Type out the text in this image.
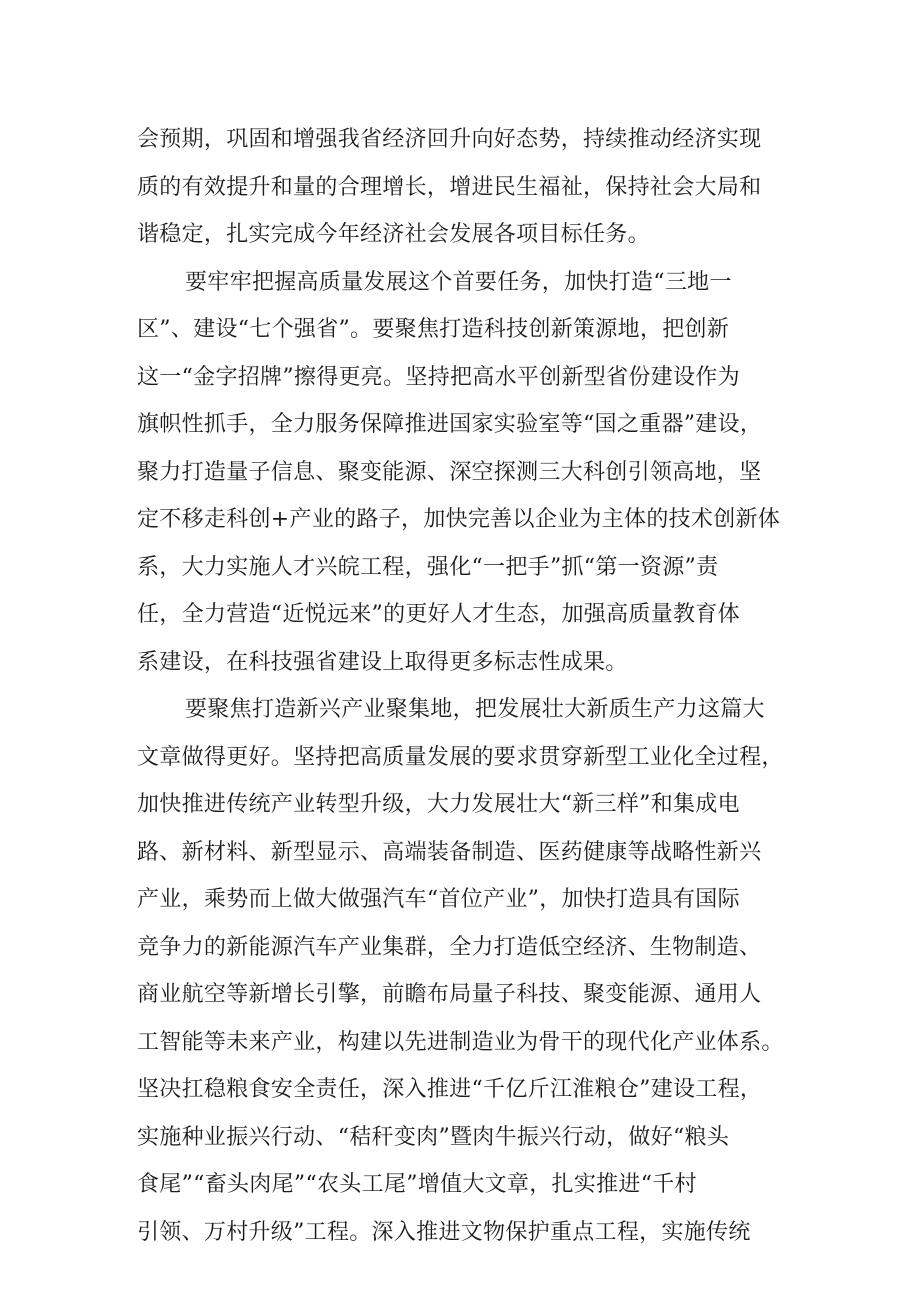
会预期，巩固和增强我省经济回升向好态势，持续推动经济实现
质的有效提升和量的合理增长，增进民生福祉，保持社会大局和
谐稳定，扎实完成今年经济社会发展各项目标任务。
要牢牢把握高质量发展这个首要任务，加快打造“三地一
区”、建设“七个强省”。要聚焦打造科技创新策源地，把创新
这一“金字招牌”擦得更亮。坚持把高水平创新型省份建设作为
旗帜性抓手，全力服务保障推进国家实验室等“国之重器”建设，
聚力打造量子信息、聚变能源、深空探测三大科创引领高地，坚
定不移走科创+产业的路子，加快完善以企业为主体的技术创新体
系，大力实施人才兴皖工程，强化“一把手”抓“第一资源”责
任，全力营造“近悦远来”的更好人才生态，加强高质量教育体
系建设，在科技强省建设上取得更多标志性成果。
要聚焦打造新兴产业聚集地，把发展壮大新质生产力这篇大
文章做得更好。坚持把高质量发展的要求贯穿新型工业化全过程，
加快推进传统产业转型升级，大力发展壮大“新三样”和集成电
路、新材料、新型显示、高端装备制造、医药健康等战略性新兴
产业，乘势而上做大做强汽车“首位产业”，加快打造具有国际
竞争力的新能源汽车产业集群，全力打造低空经济、生物制造、
商业航空等新增长引擎，前瞻布局量子科技、聚变能源、通用人
工智能等未来产业，构建以先进制造业为骨干的现代化产业体系。
坚决扛稳粮食安全责任，深入推进“千亿斤江淮粮仓”建设工程，
实施种业振兴行动、“秸秆变肉”暨肉牛振兴行动，做好“粮头
食尾”“畜头肉尾”“农头工尾”增值大文章，扎实推进“千村
引领、万村升级”工程。深入推进文物保护重点工程，实施传统
